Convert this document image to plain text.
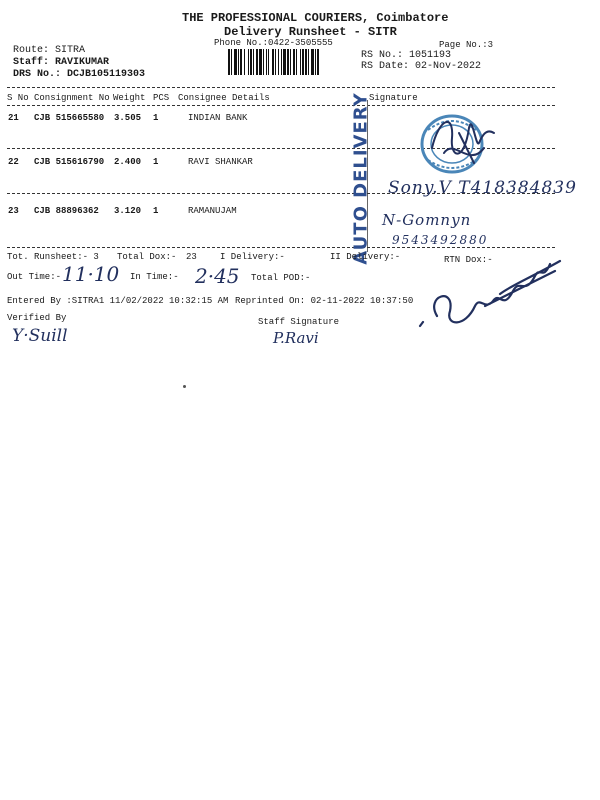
THE PROFESSIONAL COURIERS, Coimbatore
Delivery Runsheet - SITR
Phone No.:0422-3505555	Page No.:3
Route: SITRA
Staff: RAVIKUMAR
DRS No.: DCJB105119303
RS No.: 1051193
RS Date: 02-Nov-2022
S No Consignment No Weight PCS Consignee Details	Signature
21 CJB 515665580 3.505 1	INDIAN BANK
22 CJB 515616790 2.400 1	RAVI SHANKAR
23 CJB 88896362 3.120 1	RAMANUJAM	AUTO DELIVERY Sony.V T418384839
N-Gomnyn
9543492880
Tot. Runsheet:- 3 Total Dox:- 23	I Delivery:-	II Delivery:-	RTN Dox:-
Out Time:- 11·10 In Time:- 2·45 Total POD:-
Entered By :SITRA1 11/02/2022 10:32:15 AM Reprinted On: 02-11-2022 10:37:50
Verified By
Y·Suill
Staff Signature
P.Ravi
